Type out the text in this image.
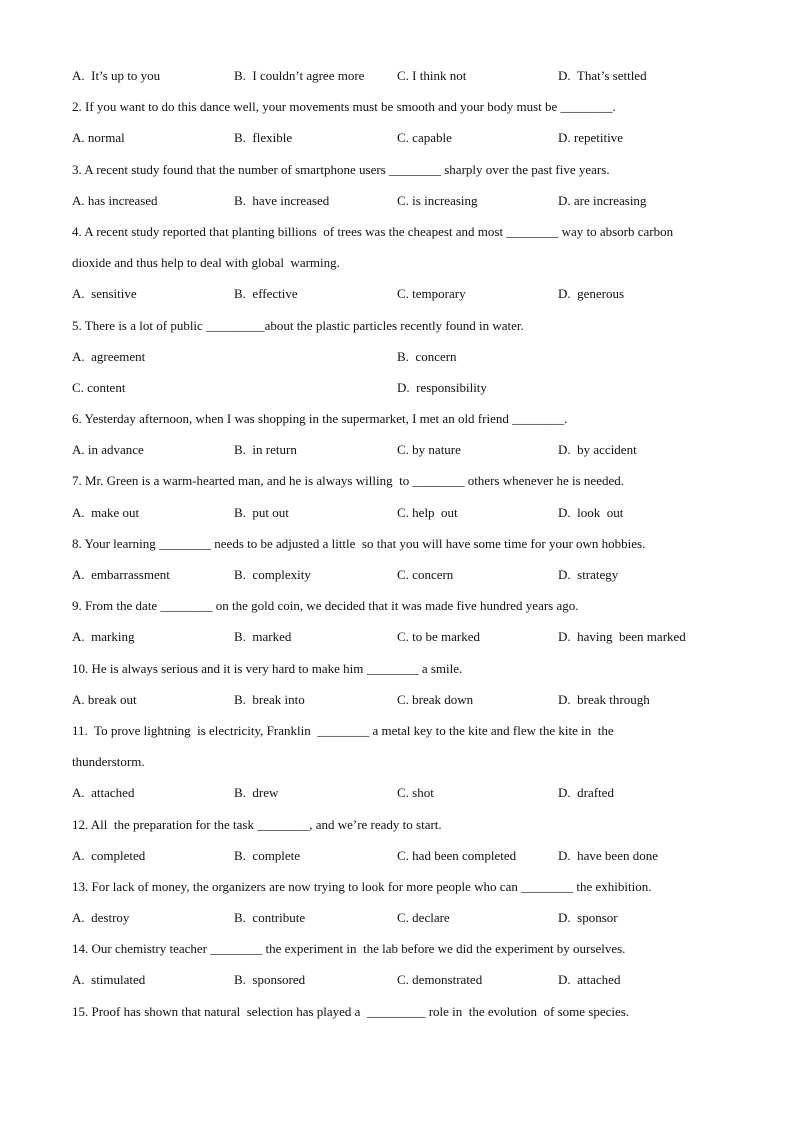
A.  It’s up to you	B.  I couldn’t agree more	C. I think not	D.  That’s settled
2. If you want to do this dance well, your movements must be smooth and your body must be ________.
A. normal	B.  flexible	C. capable	D. repetitive
3. A recent study found that the number of smartphone users ________ sharply over the past five years.
A. has increased	B.  have increased	C. is increasing	D. are increasing
4. A recent study reported that planting billions  of trees was the cheapest and most ________ way to absorb carbon
dioxide and thus help to deal with global  warming.
A.  sensitive	B.  effective	C. temporary	D.  generous
5. There is a lot of public _________about the plastic particles recently found in water.
A.  agreement	B.  concern
C. content	D.  responsibility
6. Yesterday afternoon, when I was shopping in the supermarket, I met an old friend ________.
A. in advance	B.  in return	C. by nature	D.  by accident
7. Mr. Green is a warm-hearted man, and he is always willing  to ________ others whenever he is needed.
A.  make out	B.  put out	C. help  out	D.  look  out
8. Your learning ________ needs to be adjusted a little  so that you will have some time for your own hobbies.
A.  embarrassment	B.  complexity	C. concern	D.  strategy
9. From the date ________ on the gold coin, we decided that it was made five hundred years ago.
A.  marking	B.  marked	C. to be marked	D.  having  been marked
10. He is always serious and it is very hard to make him ________ a smile.
A. break out	B.  break into	C. break down	D.  break through
11.  To prove lightning  is electricity, Franklin  ________ a metal key to the kite and flew the kite in  the
thunderstorm.
A.  attached	B.  drew	C. shot	D.  drafted
12. All  the preparation for the task ________, and we’re ready to start.
A.  completed	B.  complete	C. had been completed	D.  have been done
13. For lack of money, the organizers are now trying to look for more people who can ________ the exhibition.
A.  destroy	B.  contribute	C. declare	D.  sponsor
14. Our chemistry teacher ________ the experiment in  the lab before we did the experiment by ourselves.
A.  stimulated	B.  sponsored	C. demonstrated	D.  attached
15. Proof has shown that natural  selection has played a  _________ role in  the evolution  of some species.
